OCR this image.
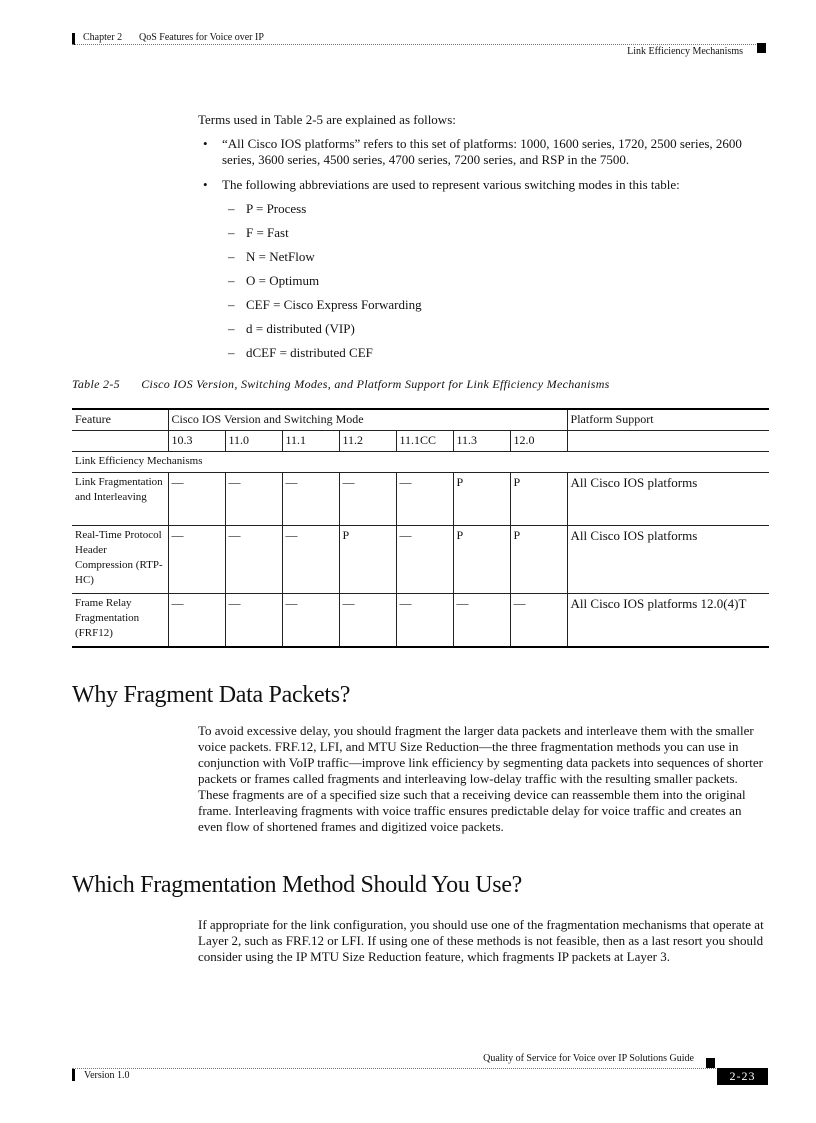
Chapter 2 QoS Features for Voice over IP
Link Efficiency Mechanisms
Terms used in Table 2-5 are explained as follows:
• “All Cisco IOS platforms” refers to this set of platforms: 1000, 1600 series, 1720, 2500 series, 2600 series, 3600 series, 4500 series, 4700 series, 7200 series, and RSP in the 7500.
• The following abbreviations are used to represent various switching modes in this table:
– P = Process
– F = Fast
– N = NetFlow
– O = Optimum
– CEF = Cisco Express Forwarding
– d = distributed (VIP)
– dCEF = distributed CEF
Table 2-5 Cisco IOS Version, Switching Modes, and Platform Support for Link Efficiency Mechanisms
Feature	Cisco IOS Version and Switching Mode							Platform Support
	10.3	11.0	11.1	11.2	11.1CC	11.3	12.0	
Link Efficiency Mechanisms								
Link Fragmentation and Interleaving	—	—	—	—	—	P	P	All Cisco IOS platforms
Real-Time Protocol Header Compression (RTP-HC)	—	—	—	P	—	P	P	All Cisco IOS platforms
Frame Relay Fragmentation (FRF12)	—	—	—	—	—	—	—	All Cisco IOS platforms 12.0(4)T
Why Fragment Data Packets?
To avoid excessive delay, you should fragment the larger data packets and interleave them with the smaller voice packets. FRF.12, LFI, and MTU Size Reduction—the three fragmentation methods you can use in conjunction with VoIP traffic—improve link efficiency by segmenting data packets into sequences of shorter packets or frames called fragments and interleaving low-delay traffic with the resulting smaller packets. These fragments are of a specified size such that a receiving device can reassemble them into the original frame. Interleaving fragments with voice traffic ensures predictable delay for voice traffic and creates an even flow of shortened frames and digitized voice packets.
Which Fragmentation Method Should You Use?
If appropriate for the link configuration, you should use one of the fragmentation mechanisms that operate at Layer 2, such as FRF.12 or LFI. If using one of these methods is not feasible, then as a last resort you should consider using the IP MTU Size Reduction feature, which fragments IP packets at Layer 3.
Quality of Service for Voice over IP Solutions Guide
Version 1.0	2-23
